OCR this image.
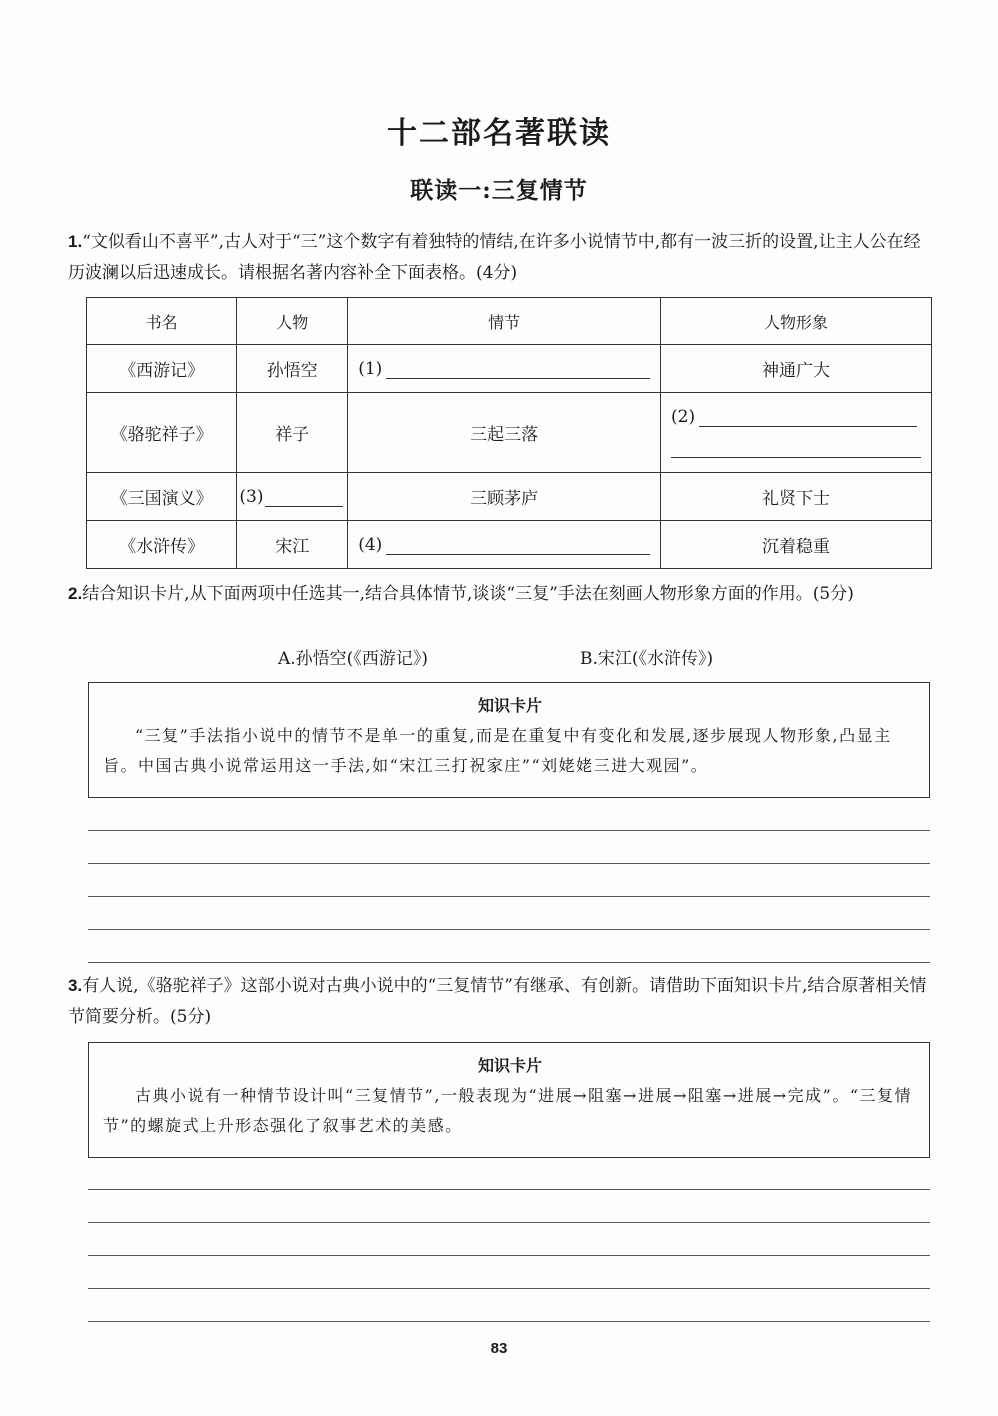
十二部名著联读
联读一:三复情节
1.“文似看山不喜平”,古人对于“三”这个数字有着独特的情结,在许多小说情节中,都有一波三折的设置,让主人公在经历波澜以后迅速成长。请根据名著内容补全下面表格。(4分)
书名	人物	情节	人物形象
《西游记》	孙悟空	(1)	神通广大
《骆驼祥子》	祥子	三起三落	(2)

《三国演义》	(3)	三顾茅庐	礼贤下士
《水浒传》	宋江	(4)	沉着稳重
2.结合知识卡片,从下面两项中任选其一,结合具体情节,谈谈“三复”手法在刻画人物形象方面的作用。(5分)
A.孙悟空(《西游记》)	B.宋江(《水浒传》)
知识卡片

“三复”手法指小说中的情节不是单一的重复,而是在重复中有变化和发展,逐步展现人物形象,凸显主旨。中国古典小说常运用这一手法,如“宋江三打祝家庄”“刘姥姥三进大观园”。

3.有人说,《骆驼祥子》这部小说对古典小说中的“三复情节”有继承、有创新。请借助下面知识卡片,结合原著相关情节简要分析。(5分)
知识卡片

古典小说有一种情节设计叫“三复情节”,一般表现为“进展→阻塞→进展→阻塞→进展→完成”。“三复情节”的螺旋式上升形态强化了叙事艺术的美感。

83
